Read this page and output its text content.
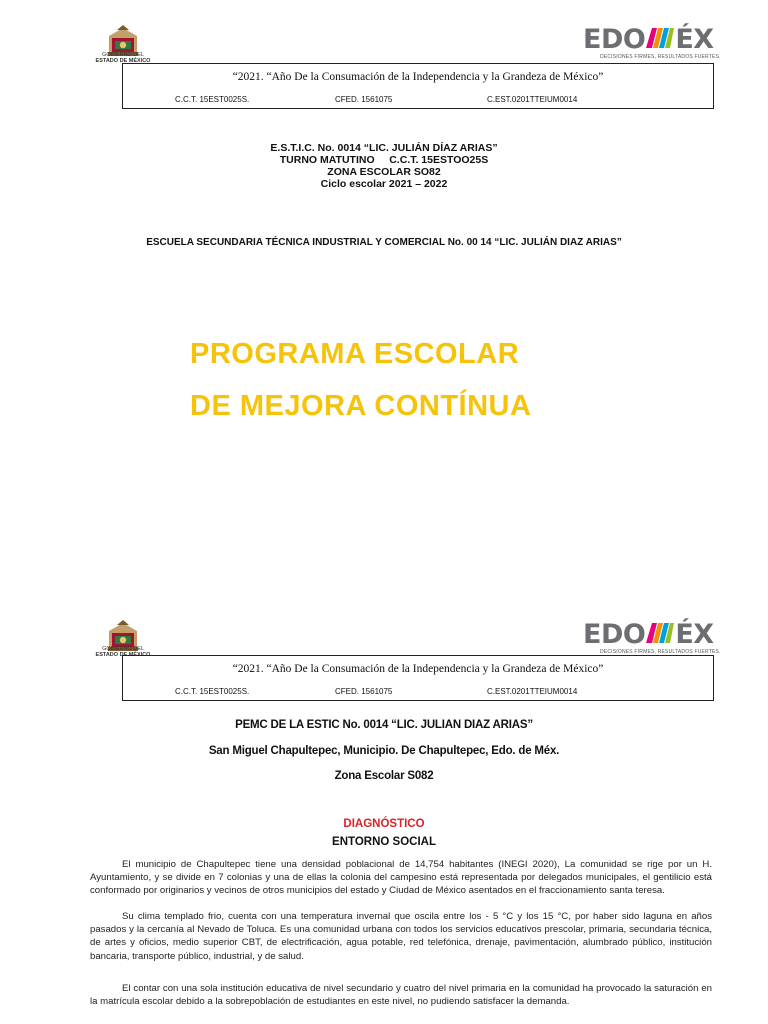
GOBIERNO DEL
ESTADO DE MÉXICO
EDO ÉX
DECISIONES FIRMES, RESULTADOS FUERTES.
“2021. “Año De la Consumación de la Independencia y la Grandeza de México”
C.C.T. 15EST0025S.	CFED. 1561075	C.EST.0201TTEIUM0014
E.S.T.I.C. No. 0014 “LIC. JULIÁN DÍAZ ARIAS”
TURNO MATUTINO     C.C.T. 15ESTOO25S
ZONA ESCOLAR SO82
Ciclo escolar 2021 – 2022
ESCUELA SECUNDARIA TÉCNICA INDUSTRIAL Y COMERCIAL No. 00 14 “LIC. JULIÁN DIAZ ARIAS”
PROGRAMA ESCOLAR
DE MEJORA CONTÍNUA
GOBIERNO DEL
ESTADO DE MÉXICO
EDO ÉX
DECISIONES FIRMES, RESULTADOS FUERTES.
“2021. “Año De la Consumación de la Independencia y la Grandeza de México”
C.C.T. 15EST0025S.	CFED. 1561075	C.EST.0201TTEIUM0014
PEMC DE LA ESTIC No. 0014 “LIC. JULIAN DIAZ ARIAS”
San Miguel Chapultepec, Municipio. De Chapultepec, Edo. de Méx.
Zona Escolar S082
DIAGNÓSTICO
ENTORNO SOCIAL
El municipio de Chapultepec tiene una densidad poblacional de 14,754 habitantes (INEGI 2020), La comunidad se rige por un H. Ayuntamiento, y se divide en 7 colonias y una de ellas la colonia del campesino está representada por delegados municipales, el gentilicio está conformado por originarios y vecinos de otros municipios del estado y Ciudad de México asentados en el fraccionamiento santa teresa.
Su clima templado frio, cuenta con una temperatura invernal que oscila entre los - 5 °C y los 15 °C, por haber sido laguna en años pasados y la cercanía al Nevado de Toluca. Es una comunidad urbana con todos los servicios educativos prescolar, primaria, secundaria técnica, de artes y oficios, medio superior CBT, de electrificación, agua potable, red telefónica, drenaje, pavimentación, alumbrado público, institución bancaria, transporte público, industrial, y de salud.
El contar con una sola institución educativa de nivel secundario y cuatro del nivel primaria en la comunidad ha provocado la saturación en la matrícula escolar debido a la sobrepoblación de estudiantes en este nivel, no pudiendo satisfacer la demanda.
